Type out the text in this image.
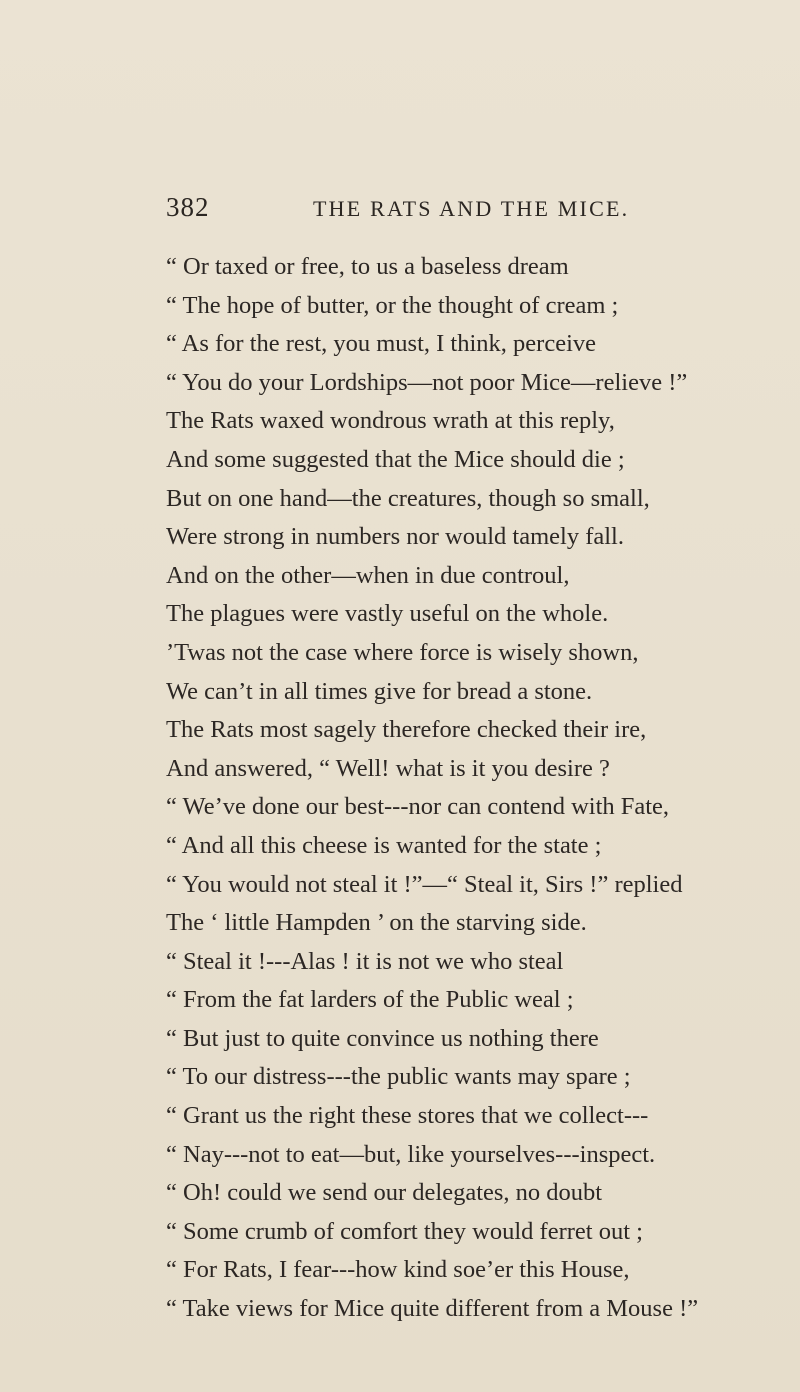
382	THE RATS AND THE MICE.
“ Or taxed or free, to us a baseless dream
“ The hope of butter, or the thought of cream ;
“ As for the rest, you must, I think, perceive
“ You do your Lordships—not poor Mice—relieve !”
The Rats waxed wondrous wrath at this reply,
And some suggested that the Mice should die ;
But on one hand—the creatures, though so small,
Were strong in numbers nor would tamely fall.
And on the other—when in due controul,
The plagues were vastly useful on the whole.
’Twas not the case where force is wisely shown,
We can’t in all times give for bread a stone.
The Rats most sagely therefore checked their ire,
And answered, “ Well! what is it you desire ?
“ We’ve done our best---nor can contend with Fate,
“ And all this cheese is wanted for the state ;
“ You would not steal it !”—“ Steal it, Sirs !” replied
The ‘ little Hampden ’ on the starving side.
“ Steal it !---Alas ! it is not we who steal
“ From the fat larders of the Public weal ;
“ But just to quite convince us nothing there
“ To our distress---the public wants may spare ;
“ Grant us the right these stores that we collect---
“ Nay---not to eat—but, like yourselves---inspect.
“ Oh! could we send our delegates, no doubt
“ Some crumb of comfort they would ferret out ;
“ For Rats, I fear---how kind soe’er this House,
“ Take views for Mice quite different from a Mouse !”
